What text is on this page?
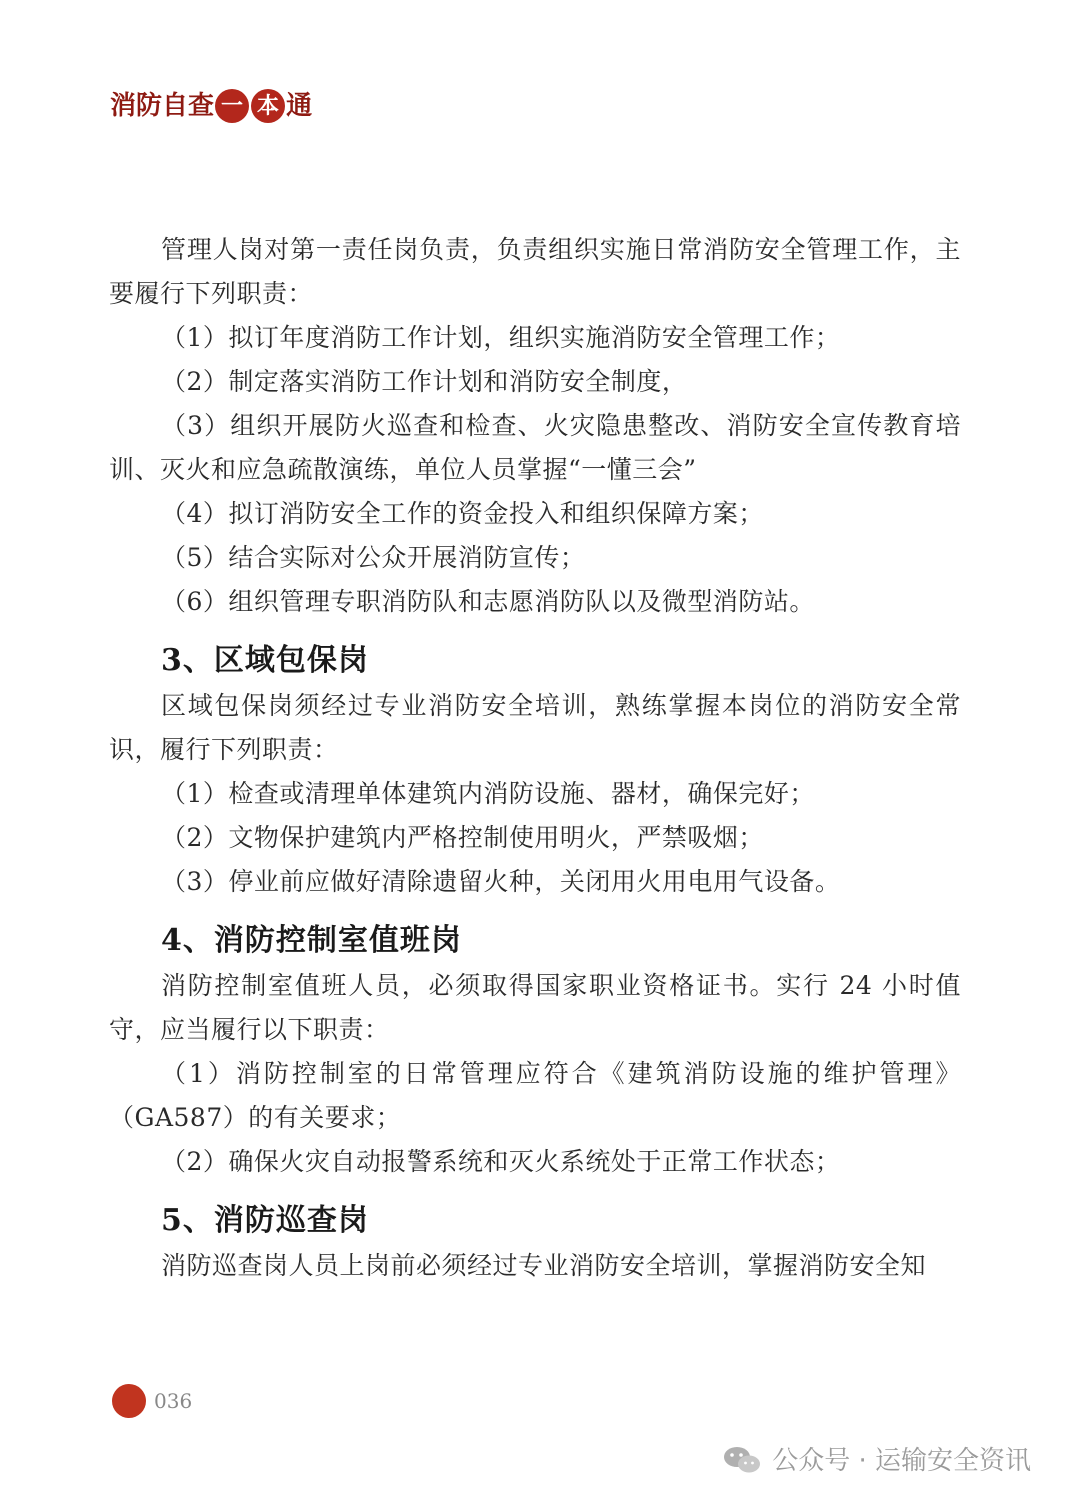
消 防 自 查 一 本 通

管理人岗对第一责任岗负责，负责组织实施日常消防安全管理工作，主要履行下列职责：

（1）拟订年度消防工作计划，组织实施消防安全管理工作；

（2）制定落实消防工作计划和消防安全制度，

（3）组织开展防火巡查和检查、火灾隐患整改、消防安全宣传教育培训、灭火和应急疏散演练，单位人员掌握“一懂三会”

（4）拟订消防安全工作的资金投入和组织保障方案；

（5）结合实际对公众开展消防宣传；

（6）组织管理专职消防队和志愿消防队以及微型消防站。

3、区域包保岗

区域包保岗须经过专业消防安全培训，熟练掌握本岗位的消防安全常识，履行下列职责：

（1）检查或清理单体建筑内消防设施、器材，确保完好；

（2）文物保护建筑内严格控制使用明火，严禁吸烟；

（3）停业前应做好清除遗留火种，关闭用火用电用气设备。

4、消防控制室值班岗

消防控制室值班人员，必须取得国家职业资格证书。实行 24 小时值守，应当履行以下职责：

（1）消防控制室的日常管理应符合《建筑消防设施的维护管理》（GA587）的有关要求；

（2）确保火灾自动报警系统和灭火系统处于正常工作状态；

5、消防巡查岗

消防巡查岗人员上岗前必须经过专业消防安全培训，掌握消防安全知

036
公众号 · 运输安全资讯
